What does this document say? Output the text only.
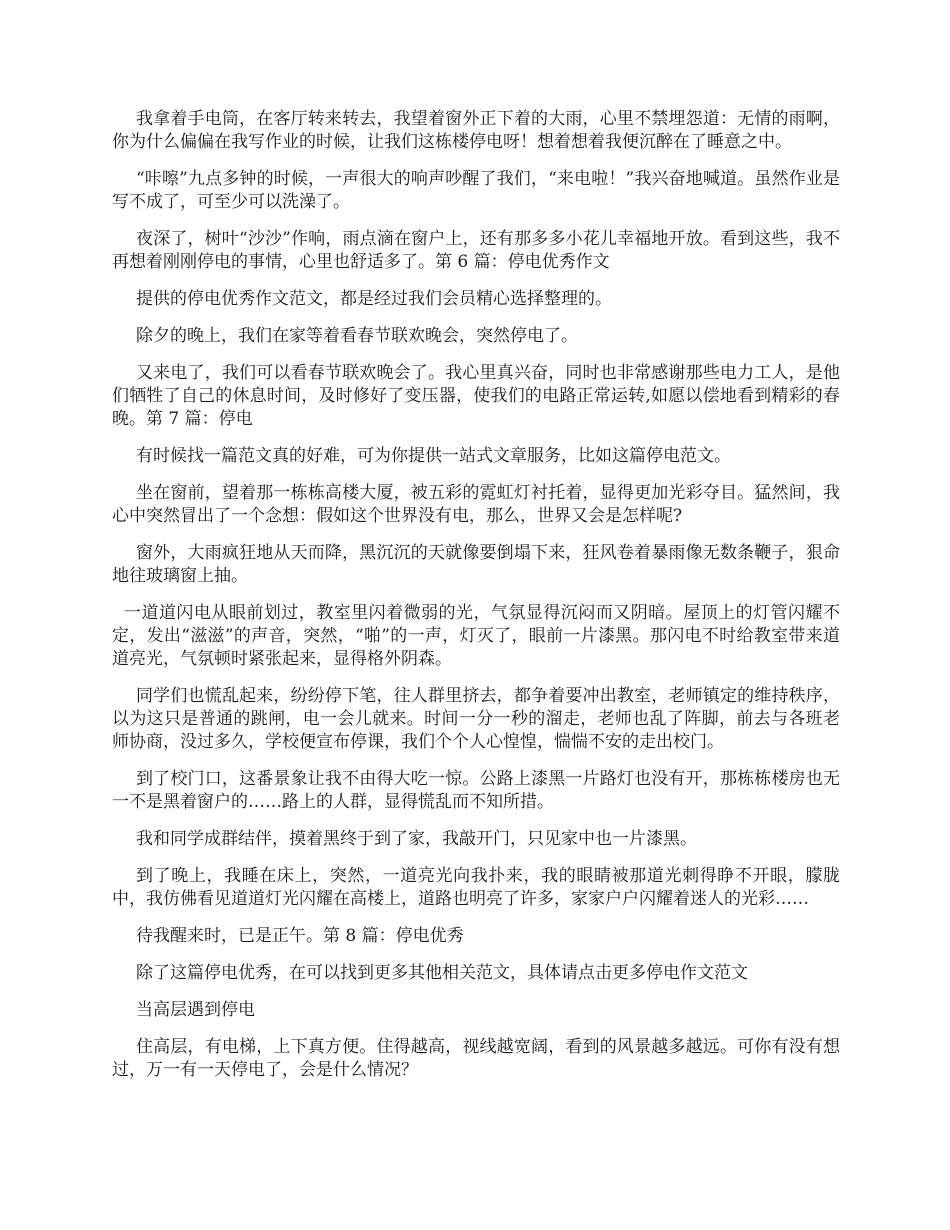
我拿着手电筒，在客厅转来转去，我望着窗外正下着的大雨，心里不禁埋怨道：无情的雨啊，你为什么偏偏在我写作业的时候，让我们这栋楼停电呀！想着想着我便沉醉在了睡意之中。

“咔嚓”九点多钟的时候，一声很大的响声吵醒了我们，“来电啦！”我兴奋地喊道。虽然作业是写不成了，可至少可以洗澡了。

夜深了，树叶“沙沙”作响，雨点滴在窗户上，还有那多多小花儿幸福地开放。看到这些，我不再想着刚刚停电的事情，心里也舒适多了。第 6 篇：停电优秀作文

提供的停电优秀作文范文，都是经过我们会员精心选择整理的。

除夕的晚上，我们在家等着看春节联欢晚会，突然停电了。

又来电了，我们可以看春节联欢晚会了。我心里真兴奋，同时也非常感谢那些电力工人，是他们牺牲了自己的休息时间，及时修好了变压器，使我们的电路正常运转,如愿以偿地看到精彩的春晚。第 7 篇：停电

有时候找一篇范文真的好难，可为你提供一站式文章服务，比如这篇停电范文。

坐在窗前，望着那一栋栋高楼大厦，被五彩的霓虹灯衬托着，显得更加光彩夺目。猛然间，我心中突然冒出了一个念想：假如这个世界没有电，那么，世界又会是怎样呢?

窗外，大雨疯狂地从天而降，黑沉沉的天就像要倒塌下来，狂风卷着暴雨像无数条鞭子，狠命地往玻璃窗上抽。

一道道闪电从眼前划过，教室里闪着微弱的光，气氛显得沉闷而又阴暗。屋顶上的灯管闪耀不定，发出“滋滋”的声音，突然，“啪”的一声，灯灭了，眼前一片漆黑。那闪电不时给教室带来道道亮光，气氛顿时紧张起来，显得格外阴森。

同学们也慌乱起来，纷纷停下笔，往人群里挤去，都争着要冲出教室，老师镇定的维持秩序，以为这只是普通的跳闸，电一会儿就来。时间一分一秒的溜走，老师也乱了阵脚，前去与各班老师协商，没过多久，学校便宣布停课，我们个个人心惶惶，惴惴不安的走出校门。

到了校门口，这番景象让我不由得大吃一惊。公路上漆黑一片路灯也没有开，那栋栋楼房也无一不是黑着窗户的……路上的人群，显得慌乱而不知所措。

我和同学成群结伴，摸着黑终于到了家，我敲开门，只见家中也一片漆黑。

到了晚上，我睡在床上，突然，一道亮光向我扑来，我的眼睛被那道光刺得睁不开眼，朦胧中，我仿佛看见道道灯光闪耀在高楼上，道路也明亮了许多，家家户户闪耀着迷人的光彩……

待我醒来时，已是正午。第 8 篇：停电优秀

除了这篇停电优秀，在可以找到更多其他相关范文，具体请点击更多停电作文范文

当高层遇到停电

住高层，有电梯，上下真方便。住得越高，视线越宽阔，看到的风景越多越远。可你有没有想过，万一有一天停电了，会是什么情况？
